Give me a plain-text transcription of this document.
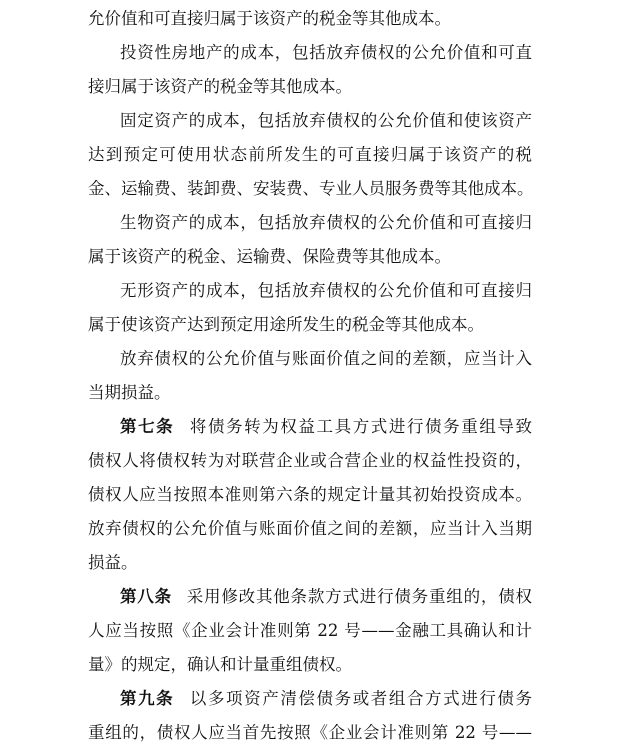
允价值和可直接归属于该资产的税金等其他成本。
投资性房地产的成本，包括放弃债权的公允价值和可直
接归属于该资产的税金等其他成本。
固定资产的成本，包括放弃债权的公允价值和使该资产
达到预定可使用状态前所发生的可直接归属于该资产的税
金、运输费、装卸费、安装费、专业人员服务费等其他成本。
生物资产的成本，包括放弃债权的公允价值和可直接归
属于该资产的税金、运输费、保险费等其他成本。
无形资产的成本，包括放弃债权的公允价值和可直接归
属于使该资产达到预定用途所发生的税金等其他成本。
放弃债权的公允价值与账面价值之间的差额，应当计入
当期损益。
第七条 将债务转为权益工具方式进行债务重组导致
债权人将债权转为对联营企业或合营企业的权益性投资的，
债权人应当按照本准则第六条的规定计量其初始投资成本。
放弃债权的公允价值与账面价值之间的差额，应当计入当期
损益。
第八条 采用修改其他条款方式进行债务重组的，债权
人应当按照《企业会计准则第 22 号——金融工具确认和计
量》的规定，确认和计量重组债权。
第九条 以多项资产清偿债务或者组合方式进行债务
重组的，债权人应当首先按照《企业会计准则第 22 号——
